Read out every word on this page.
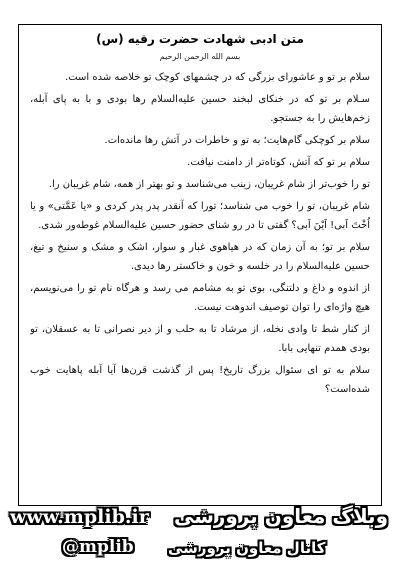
متن ادبی شهادت حضرت رقیه (س)
بسم الله الرحمن الرحیم

سلام بر تو و عاشورای بزرگی که در چشمهای کوچک تو خلاصه شده است.

سـلام بر تو که در خنکای لبخند حسین علیه‌السلام رها بودی و با به پای آبله، زخم‌هایش را به جستجو.

سلام بر کوچکی گام‌هایت؛ به تو و خاطرات در آتش رها مانده‌ات.

سلام بر تو که آتش، کوتاه‌تر از دامنت نیافت.

تو را خوب‌تر از شام غریبان، زینب می‌شناسد و تو بهتر از همه، شام غریبان را.

شام غریبان، تو را خوب می شناسد؛ تورا که آنقدر پدر پدر کردی و «یا عَمَّتی» و یا اُخْتَ اَبی! اَیْنَ اَبی؟ گفتی تا در رو شنای حضور حسین علیه‌السلام غوطه‌ور شدی.

سلام بر تو؛ به آن زمان که در هیاهوی غبار و سوار، اشک و مشک و سنیخ و تیغ، حسین علیه‌السلام را در خلسه و خون و خاکستر رها دیدی.

از اندوه و داغ و دلتنگی، بوی تو به مشامم می رسد و هرگاه نام تو را می‌نویسم، هیچ واژه‌ای را توان توصیف اندوهت نیست.

از کنار شط تا وادی نخله، از مرشاد تا به حلب و از دیر نصرانی تا به عسقلان، تو بودی همدم تنهایی بابا.

سلام به تو ای سئوال بزرگ تاریخ! پس از گذشت قرن‌ها آیا آبله پاهایت خوب شده‌است؟

www.mplib.ir وبلاگ معاون پرورشی
@mplib کانال معاون پرورشی
